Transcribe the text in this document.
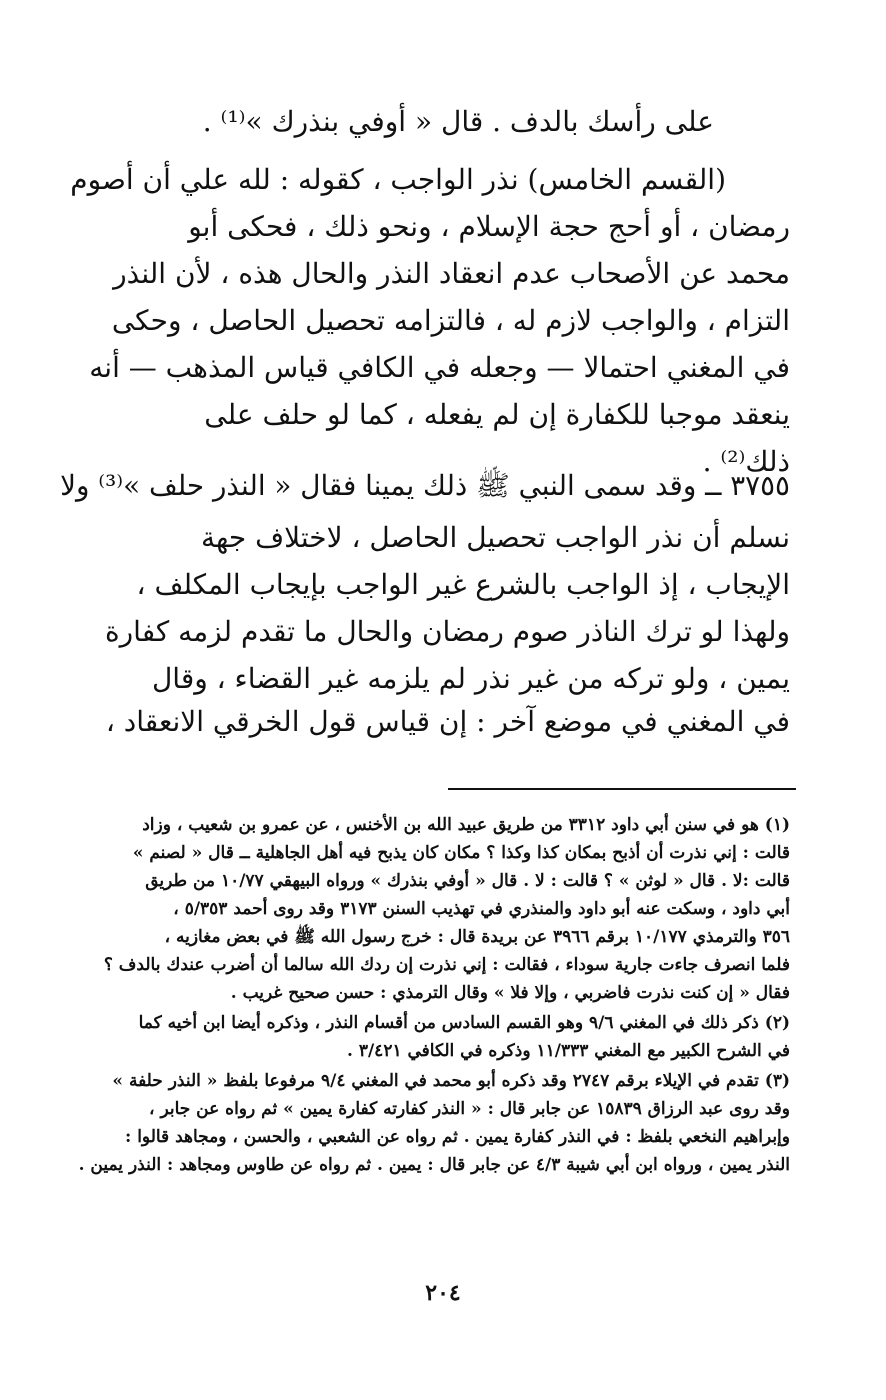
على رأسك بالدف . قال « أوفي بنذرك »⁽¹⁾ .
(القسم الخامس) نذر الواجب ، كقوله : لله علي أن أصوم
رمضان ، أو أحج حجة الإسلام ، ونحو ذلك ، فحكى أبو
محمد عن الأصحاب عدم انعقاد النذر والحال هذه ، لأن النذر
التزام ، والواجب لازم له ، فالتزامه تحصيل الحاصل ، وحكى
في المغني احتمالا — وجعله في الكافي قياس المذهب — أنه
ينعقد موجبا للكفارة إن لم يفعله ، كما لو حلف على
ذلك⁽²⁾ .
٣٧٥٥ ــ وقد سمى النبي ﷺ ذلك يمينا فقال « النذر حلف »⁽³⁾ ولا
نسلم أن نذر الواجب تحصيل الحاصل ، لاختلاف جهة
الإيجاب ، إذ الواجب بالشرع غير الواجب بإيجاب المكلف ،
ولهذا لو ترك الناذر صوم رمضان والحال ما تقدم لزمه كفارة
يمين ، ولو تركه من غير نذر لم يلزمه غير القضاء ، وقال
في المغني في موضع آخر : إن قياس قول الخرقي الانعقاد ،
(١) هو في سنن أبي داود ٣٣١٢ من طريق عبيد الله بن الأخنس ، عن عمرو بن شعيب ، وزاد
قالت : إني نذرت أن أذبح بمكان كذا وكذا ؟ مكان كان يذبح فيه أهل الجاهلية ــ قال « لصنم »
قالت :لا . قال « لوثن » ؟ قالت : لا . قال « أوفي بنذرك » ورواه البيهقي ١٠/٧٧ من طريق
أبي داود ، وسكت عنه أبو داود والمنذري في تهذيب السنن ٣١٧٣ وقد روى أحمد ٥/٣٥٣ ،
٣٥٦ والترمذي ١٠/١٧٧ برقم ٣٩٦٦ عن بريدة قال : خرج رسول الله ﷺ في بعض مغازيه ،
فلما انصرف جاءت جارية سوداء ، فقالت : إني نذرت إن ردك الله سالما أن أضرب عندك بالدف ؟
فقال « إن كنت نذرت فاضربي ، وإلا فلا » وقال الترمذي : حسن صحيح غريب .
(٢) ذكر ذلك في المغني ٩/٦ وهو القسم السادس من أقسام النذر ، وذكره أيضا ابن أخيه كما
في الشرح الكبير مع المغني ١١/٣٣٣ وذكره في الكافي ٣/٤٢١ .
(٣) تقدم في الإيلاء برقم ٢٧٤٧ وقد ذكره أبو محمد في المغني ٩/٤ مرفوعا بلفظ « النذر حلفة »
وقد روى عبد الرزاق ١٥٨٣٩ عن جابر قال : « النذر كفارته كفارة يمين » ثم رواه عن جابر ،
وإبراهيم النخعي بلفظ : في النذر كفارة يمين . ثم رواه عن الشعبي ، والحسن ، ومجاهد قالوا :
النذر يمين ، ورواه ابن أبي شيبة ٤/٣ عن جابر قال : يمين . ثم رواه عن طاوس ومجاهد : النذر يمين .
٢٠٤
